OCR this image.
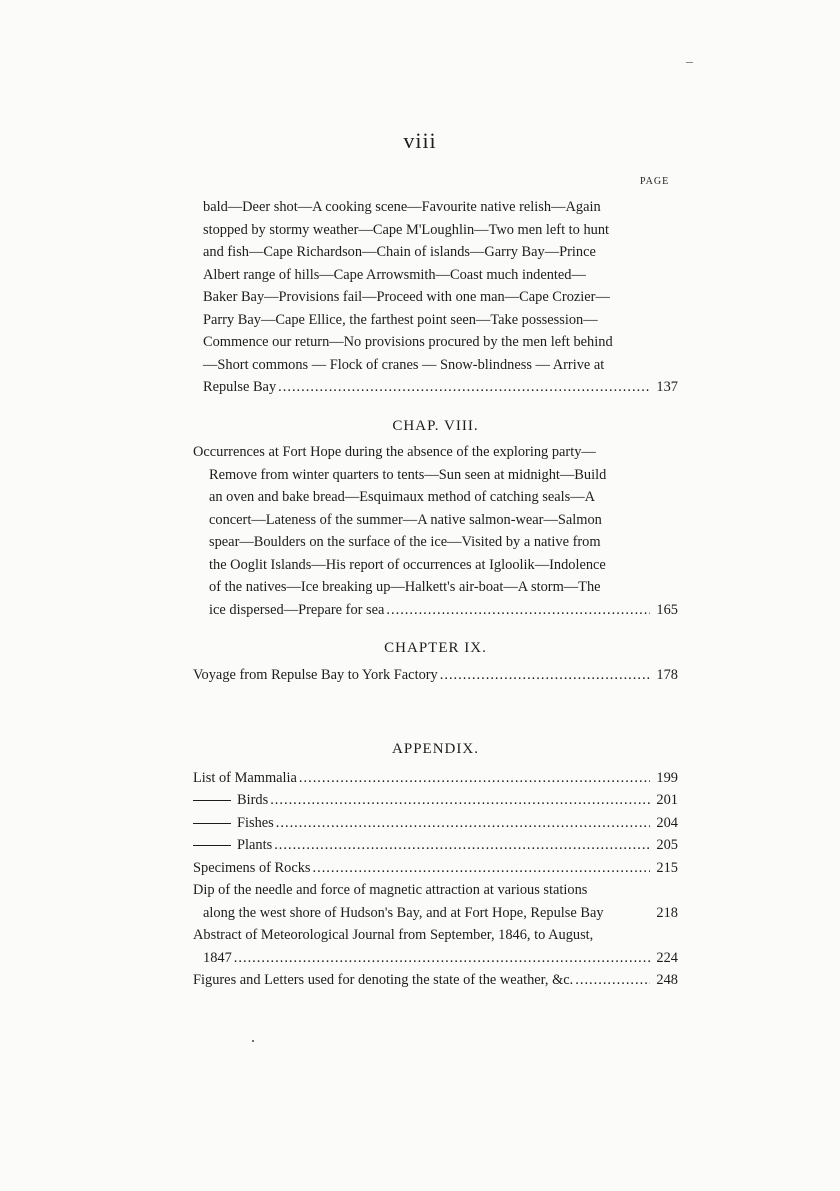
viii
PAGE
bald—Deer shot—A cooking scene—Favourite native relish—Again
stopped by stormy weather—Cape M'Loughlin—Two men left to hunt
and fish—Cape Richardson—Chain of islands—Garry Bay—Prince
Albert range of hills—Cape Arrowsmith—Coast much indented—
Baker Bay—Provisions fail—Proceed with one man—Cape Crozier—
Parry Bay—Cape Ellice, the farthest point seen—Take possession—
Commence our return—No provisions procured by the men left behind
—Short commons — Flock of cranes — Snow-blindness — Arrive at
Repulse Bay . . .	137
CHAP. VIII.
Occurrences at Fort Hope during the absence of the exploring party—
Remove from winter quarters to tents—Sun seen at midnight—Build
an oven and bake bread—Esquimaux method of catching seals—A
concert—Lateness of the summer—A native salmon-wear—Salmon
spear—Boulders on the surface of the ice—Visited by a native from
the Ooglit Islands—His report of occurrences at Igloolik—Indolence
of the natives—Ice breaking up—Halkett's air-boat—A storm—The
ice dispersed—Prepare for sea . . .	165
CHAPTER IX.
Voyage from Repulse Bay to York Factory . . .	178
APPENDIX.
List of Mammalia . . .	199
Birds . . .	201
Fishes . . .	204
Plants . . .	205
Specimens of Rocks . . .	215
Dip of the needle and force of magnetic attraction at various stations
along the west shore of Hudson's Bay, and at Fort Hope, Repulse Bay	218
Abstract of Meteorological Journal from September, 1846, to August,
1847 . . .	224
Figures and Letters used for denoting the state of the weather, &c. . . .	248
